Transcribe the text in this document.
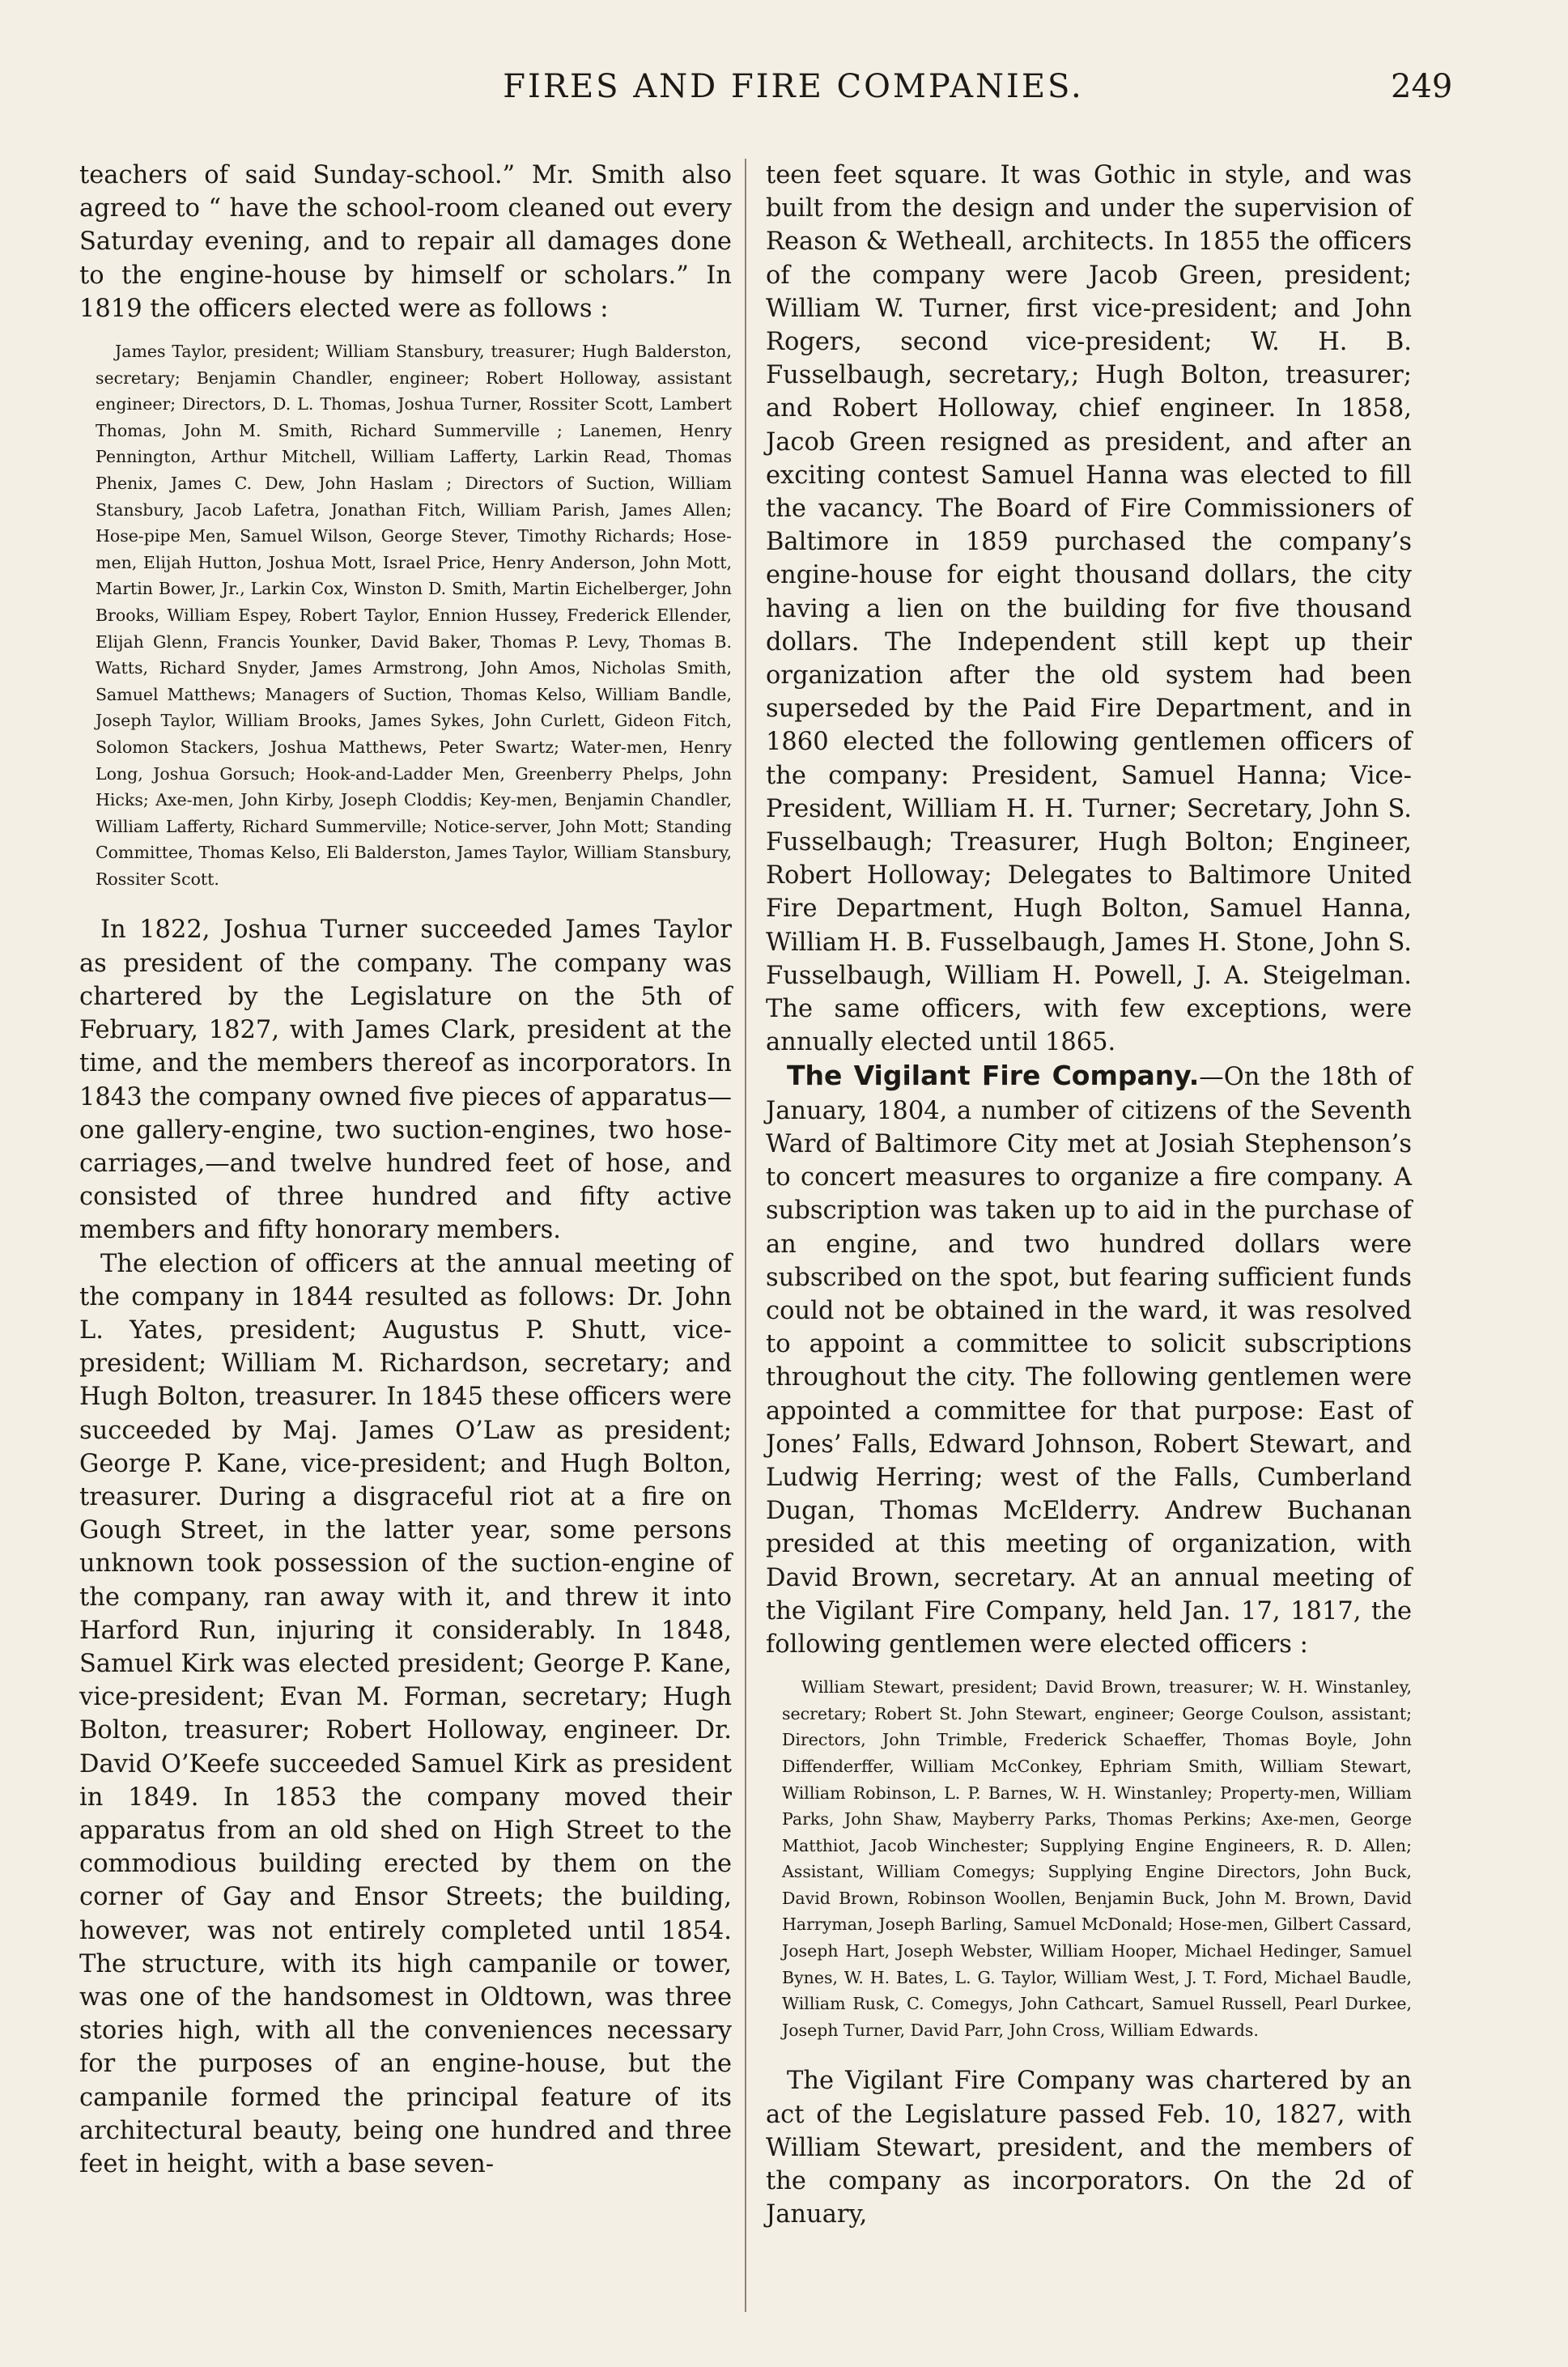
FIRES AND FIRE COMPANIES.	249

teachers of said Sunday-school.” Mr. Smith also agreed to “ have the school-room cleaned out every Saturday evening, and to repair all damages done to the engine-house by himself or scholars.” In 1819 the officers elected were as follows :

James Taylor, president; William Stansbury, treasurer; Hugh Balderston, secretary; Benjamin Chandler, engineer; Robert Holloway, assistant engineer; Directors, D. L. Thomas, Joshua Turner, Rossiter Scott, Lambert Thomas, John M. Smith, Richard Summerville ; Lanemen, Henry Pennington, Arthur Mitchell, William Lafferty, Larkin Read, Thomas Phenix, James C. Dew, John Haslam ; Directors of Suction, William Stansbury, Jacob Lafetra, Jonathan Fitch, William Parish, James Allen; Hose-pipe Men, Samuel Wilson, George Stever, Timothy Richards; Hose-men, Elijah Hutton, Joshua Mott, Israel Price, Henry Anderson, John Mott, Martin Bower, Jr., Larkin Cox, Winston D. Smith, Martin Eichelberger, John Brooks, William Espey, Robert Taylor, Ennion Hussey, Frederick Ellender, Elijah Glenn, Francis Younker, David Baker, Thomas P. Levy, Thomas B. Watts, Richard Snyder, James Armstrong, John Amos, Nicholas Smith, Samuel Matthews; Managers of Suction, Thomas Kelso, William Bandle, Joseph Taylor, William Brooks, James Sykes, John Curlett, Gideon Fitch, Solomon Stackers, Joshua Matthews, Peter Swartz; Water-men, Henry Long, Joshua Gorsuch; Hook-and-Ladder Men, Greenberry Phelps, John Hicks; Axe-men, John Kirby, Joseph Cloddis; Key-men, Benjamin Chandler, William Lafferty, Richard Summerville; Notice-server, John Mott; Standing Committee, Thomas Kelso, Eli Balderston, James Taylor, William Stansbury, Rossiter Scott.

In 1822, Joshua Turner succeeded James Taylor as president of the company. The company was chartered by the Legislature on the 5th of February, 1827, with James Clark, president at the time, and the members thereof as incorporators. In 1843 the company owned five pieces of apparatus—one gallery-engine, two suction-engines, two hose-carriages,—and twelve hundred feet of hose, and consisted of three hundred and fifty active members and fifty honorary members.

The election of officers at the annual meeting of the company in 1844 resulted as follows: Dr. John L. Yates, president; Augustus P. Shutt, vice-president; William M. Richardson, secretary; and Hugh Bolton, treasurer. In 1845 these officers were succeeded by Maj. James O’Law as president; George P. Kane, vice-president; and Hugh Bolton, treasurer. During a disgraceful riot at a fire on Gough Street, in the latter year, some persons unknown took possession of the suction-engine of the company, ran away with it, and threw it into Harford Run, injuring it considerably. In 1848, Samuel Kirk was elected president; George P. Kane, vice-president; Evan M. Forman, secretary; Hugh Bolton, treasurer; Robert Holloway, engineer. Dr. David O’Keefe succeeded Samuel Kirk as president in 1849. In 1853 the company moved their apparatus from an old shed on High Street to the commodious building erected by them on the corner of Gay and Ensor Streets; the building, however, was not entirely completed until 1854. The structure, with its high campanile or tower, was one of the handsomest in Oldtown, was three stories high, with all the conveniences necessary for the purposes of an engine-house, but the campanile formed the principal feature of its architectural beauty, being one hundred and three feet in height, with a base seven-

teen feet square. It was Gothic in style, and was built from the design and under the supervision of Reason & Wetheall, architects. In 1855 the officers of the company were Jacob Green, president; William W. Turner, first vice-president; and John Rogers, second vice-president; W. H. B. Fusselbaugh, secretary,; Hugh Bolton, treasurer; and Robert Holloway, chief engineer. In 1858, Jacob Green resigned as president, and after an exciting contest Samuel Hanna was elected to fill the vacancy. The Board of Fire Commissioners of Baltimore in 1859 purchased the company’s engine-house for eight thousand dollars, the city having a lien on the building for five thousand dollars. The Independent still kept up their organization after the old system had been superseded by the Paid Fire Department, and in 1860 elected the following gentlemen officers of the company: President, Samuel Hanna; Vice-President, William H. H. Turner; Secretary, John S. Fusselbaugh; Treasurer, Hugh Bolton; Engineer, Robert Holloway; Delegates to Baltimore United Fire Department, Hugh Bolton, Samuel Hanna, William H. B. Fusselbaugh, James H. Stone, John S. Fusselbaugh, William H. Powell, J. A. Steigelman. The same officers, with few exceptions, were annually elected until 1865.

The Vigilant Fire Company.—On the 18th of January, 1804, a number of citizens of the Seventh Ward of Baltimore City met at Josiah Stephenson’s to concert measures to organize a fire company. A subscription was taken up to aid in the purchase of an engine, and two hundred dollars were subscribed on the spot, but fearing sufficient funds could not be obtained in the ward, it was resolved to appoint a committee to solicit subscriptions throughout the city. The following gentlemen were appointed a committee for that purpose: East of Jones’ Falls, Edward Johnson, Robert Stewart, and Ludwig Herring; west of the Falls, Cumberland Dugan, Thomas McElderry. Andrew Buchanan presided at this meeting of organization, with David Brown, secretary. At an annual meeting of the Vigilant Fire Company, held Jan. 17, 1817, the following gentlemen were elected officers :

William Stewart, president; David Brown, treasurer; W. H. Winstanley, secretary; Robert St. John Stewart, engineer; George Coulson, assistant; Directors, John Trimble, Frederick Schaeffer, Thomas Boyle, John Diffenderffer, William McConkey, Ephriam Smith, William Stewart, William Robinson, L. P. Barnes, W. H. Winstanley; Property-men, William Parks, John Shaw, Mayberry Parks, Thomas Perkins; Axe-men, George Matthiot, Jacob Winchester; Supplying Engine Engineers, R. D. Allen; Assistant, William Comegys; Supplying Engine Directors, John Buck, David Brown, Robinson Woollen, Benjamin Buck, John M. Brown, David Harryman, Joseph Barling, Samuel McDonald; Hose-men, Gilbert Cassard, Joseph Hart, Joseph Webster, William Hooper, Michael Hedinger, Samuel Bynes, W. H. Bates, L. G. Taylor, William West, J. T. Ford, Michael Baudle, William Rusk, C. Comegys, John Cathcart, Samuel Russell, Pearl Durkee, Joseph Turner, David Parr, John Cross, William Edwards.

The Vigilant Fire Company was chartered by an act of the Legislature passed Feb. 10, 1827, with William Stewart, president, and the members of the company as incorporators. On the 2d of January,
